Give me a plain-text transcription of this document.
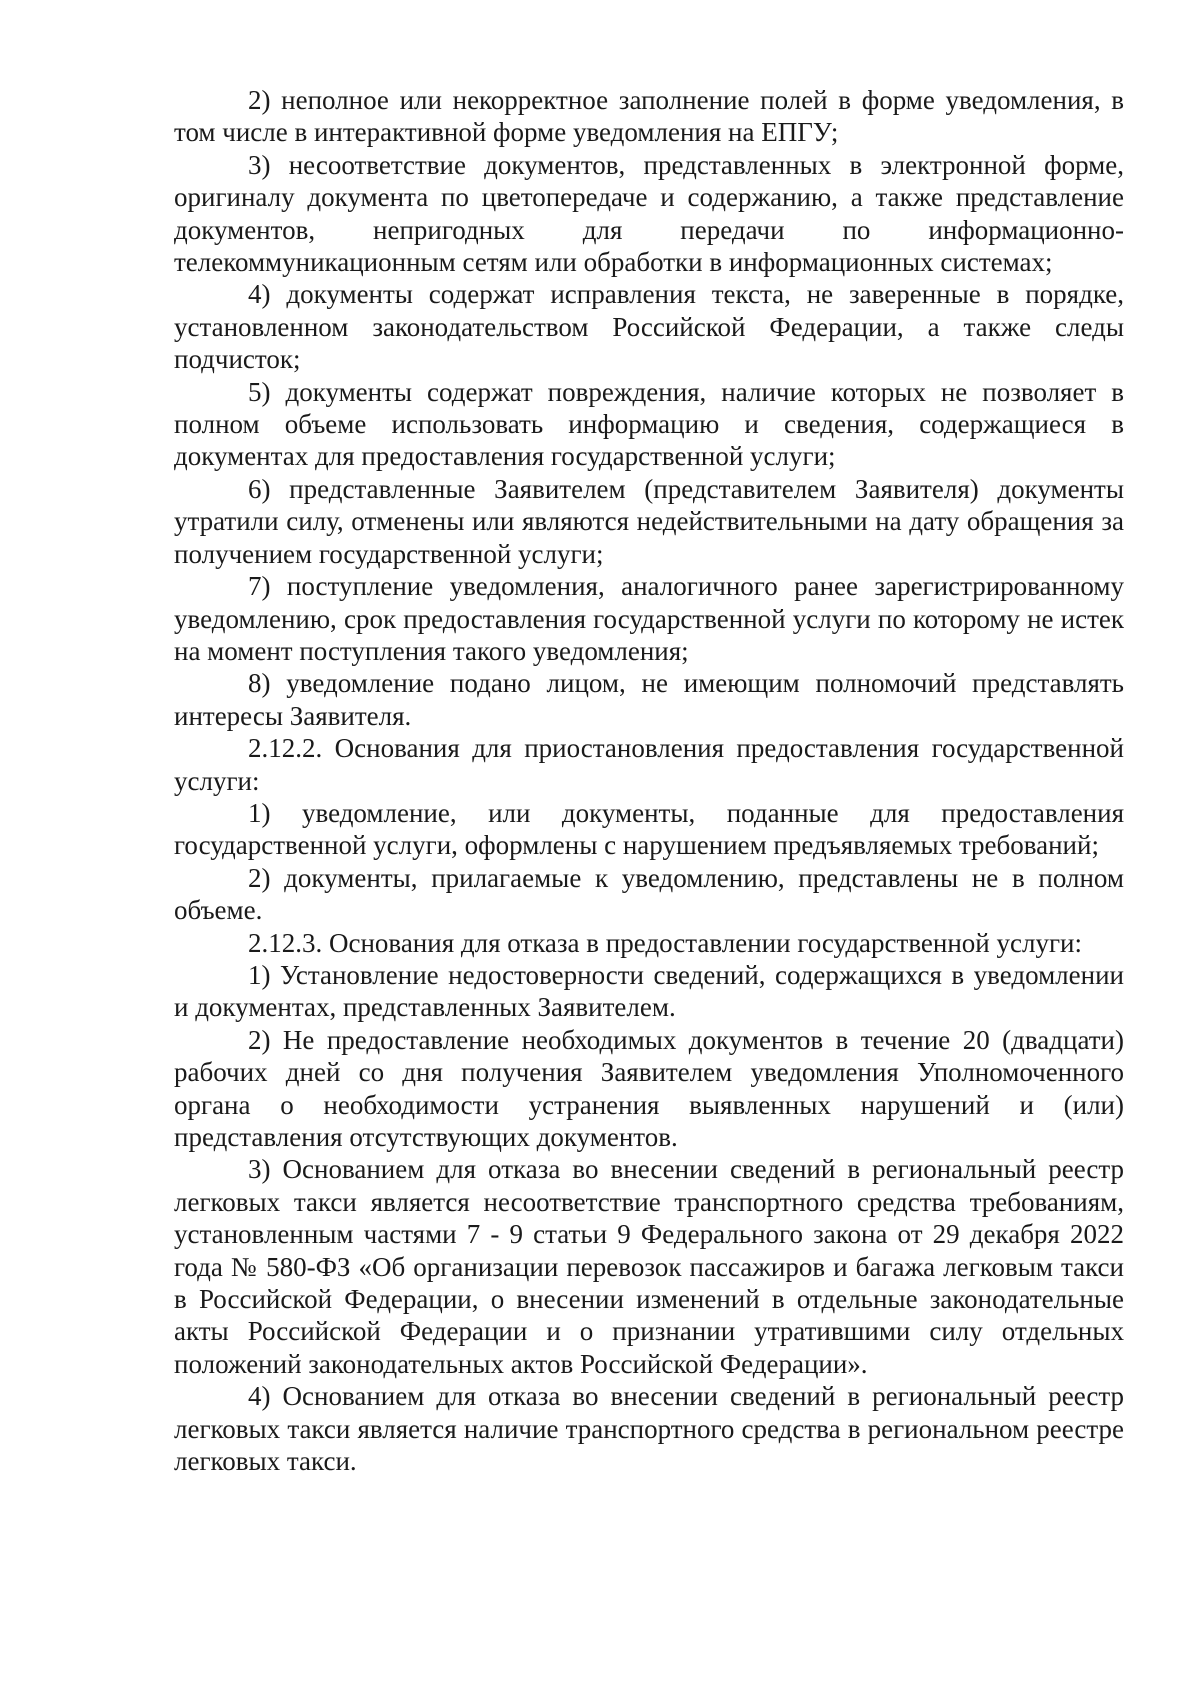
2) неполное или некорректное заполнение полей в форме уведомления, в том числе в интерактивной форме уведомления на ЕПГУ;

3) несоответствие документов, представленных в электронной форме, оригиналу документа по цветопередаче и содержанию, а также представление документов, непригодных для передачи по информационно-телекоммуникационным сетям или обработки в информационных системах;

4) документы содержат исправления текста, не заверенные в порядке, установленном законодательством Российской Федерации, а также следы подчисток;

5) документы содержат повреждения, наличие которых не позволяет в полном объеме использовать информацию и сведения, содержащиеся в документах для предоставления государственной услуги;

6) представленные Заявителем (представителем Заявителя) документы утратили силу, отменены или являются недействительными на дату обращения за получением государственной услуги;

7) поступление уведомления, аналогичного ранее зарегистрированному уведомлению, срок предоставления государственной услуги по которому не истек на момент поступления такого уведомления;

8) уведомление подано лицом, не имеющим полномочий представлять интересы Заявителя.

2.12.2. Основания для приостановления предоставления государственной услуги:

1) уведомление, или документы, поданные для предоставления государственной услуги, оформлены с нарушением предъявляемых требований;

2) документы, прилагаемые к уведомлению, представлены не в полном объеме.

2.12.3. Основания для отказа в предоставлении государственной услуги:

1) Установление недостоверности сведений, содержащихся в уведомлении и документах, представленных Заявителем.

2) Не предоставление необходимых документов в течение 20 (двадцати) рабочих дней со дня получения Заявителем уведомления Уполномоченного органа о необходимости устранения выявленных нарушений и (или) представления отсутствующих документов.

3) Основанием для отказа во внесении сведений в региональный реестр легковых такси является несоответствие транспортного средства требованиям, установленным частями 7 - 9 статьи 9 Федерального закона от 29 декабря 2022 года № 580-ФЗ «Об организации перевозок пассажиров и багажа легковым такси в Российской Федерации, о внесении изменений в отдельные законодательные акты Российской Федерации и о признании утратившими силу отдельных положений законодательных актов Российской Федерации».

4) Основанием для отказа во внесении сведений в региональный реестр легковых такси является наличие транспортного средства в региональном реестре легковых такси.
